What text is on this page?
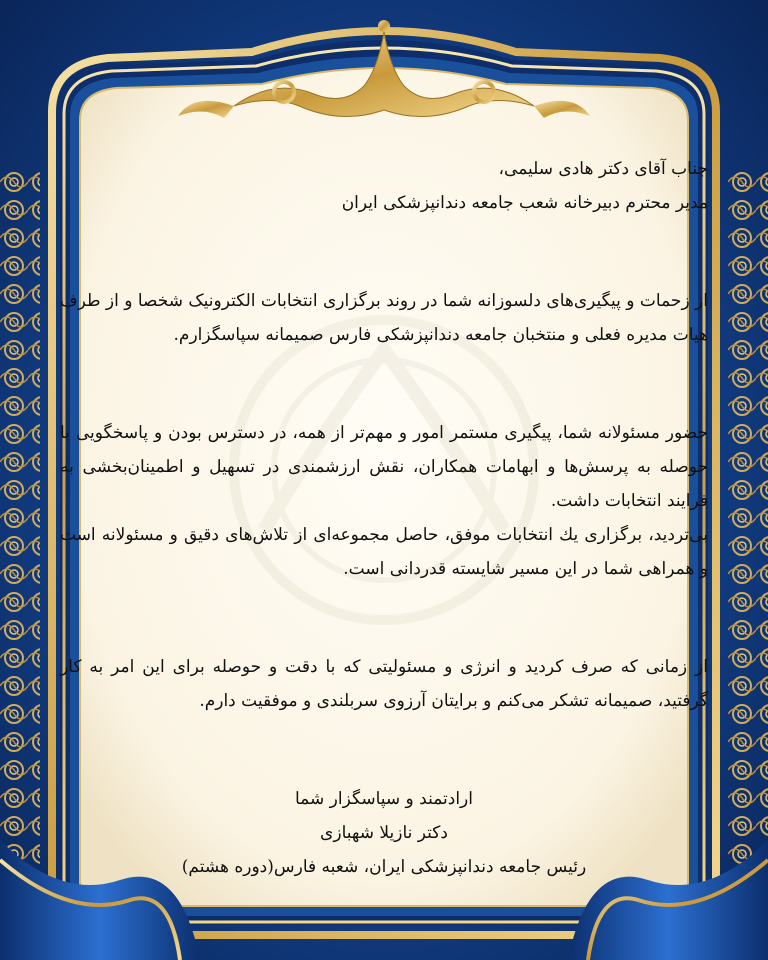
جناب آقای دکتر هادی سلیمی،

مدیر محترم دبیرخانه شعب جامعه دندانپزشکی ایران

از زحمات و پیگیری‌های دلسوزانه شما در روند برگزاری انتخابات الکترونیک شخصا و از طرف هیات مدیره فعلی و منتخبان جامعه دندانپزشکی فارس صمیمانه سپاسگزارم.

حضور مسئولانه شما، پیگیری مستمر امور و مهم‌تر از همه، در دسترس بودن و پاسخگویی با حوصله به پرسش‌ها و ابهامات همکاران، نقش ارزشمندی در تسهیل و اطمینان‌بخشی به فرایند انتخابات داشت.

بی‌تردید، برگزاری یك انتخابات موفق، حاصل مجموعه‌ای از تلاش‌های دقیق و مسئولانه است و همراهی شما در این مسیر شایسته قدردانی است.

از زمانی که صرف کردید و انرژی و مسئولیتی که با دقت و حوصله برای این امر به کار گرفتید، صمیمانه تشکر می‌کنم و برایتان آرزوی سربلندی و موفقیت دارم.

ارادتمند و سپاسگزار شما

دکتر نازیلا شهبازی

رئیس جامعه دندانپزشکی ایران، شعبه فارس(دوره هشتم)
